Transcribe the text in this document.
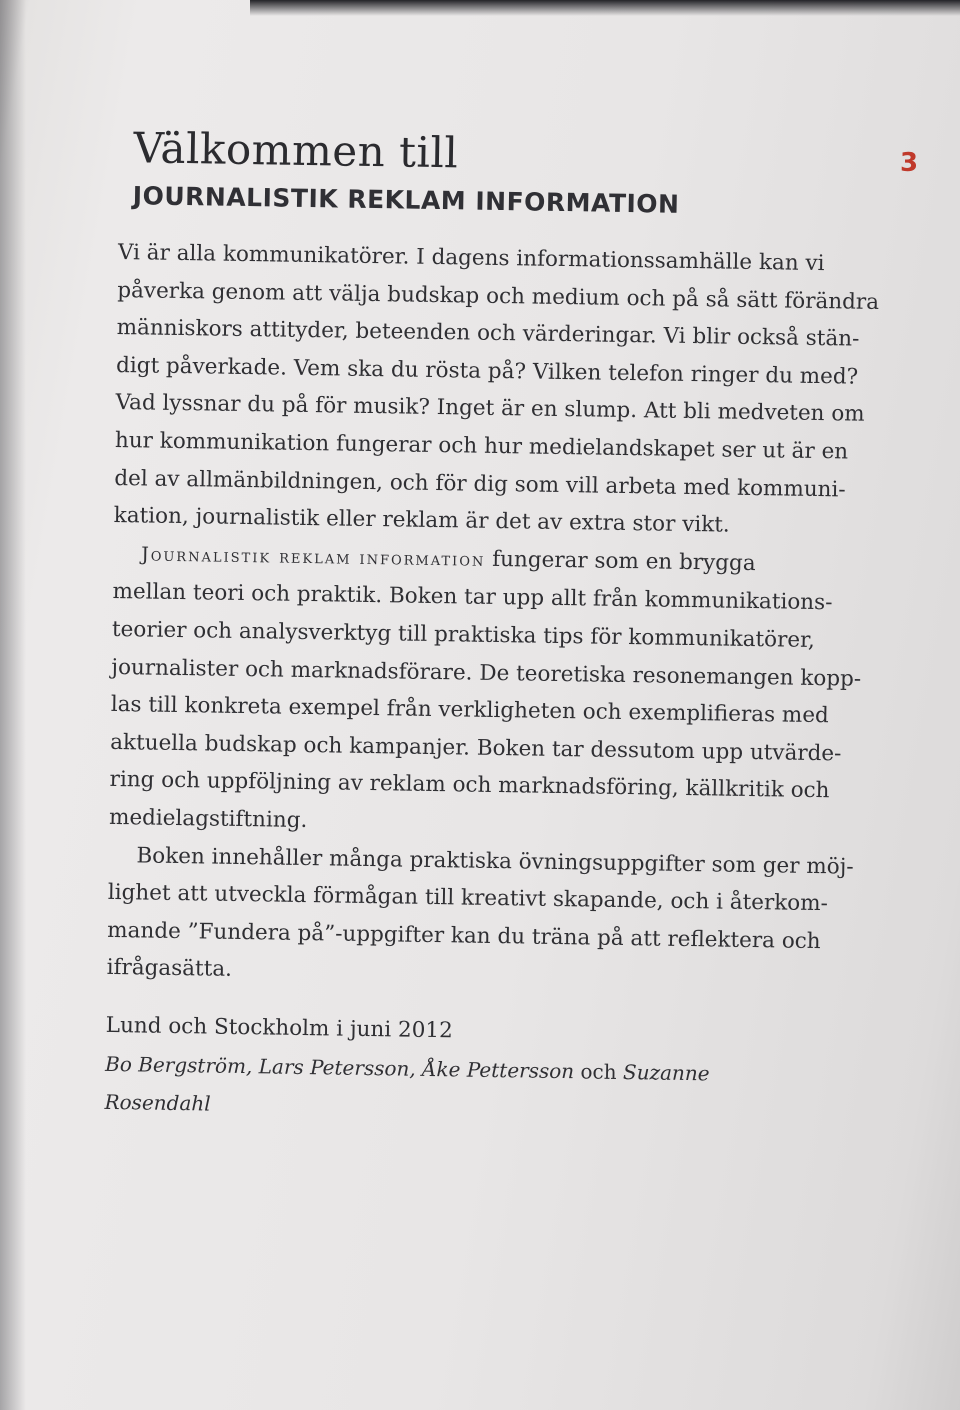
3
Välkommen till
JOURNALISTIK REKLAM INFORMATION

Vi är alla kommunikatörer. I dagens informationssamhälle kan vi
påverka genom att välja budskap och medium och på så sätt förändra
människors attityder, beteenden och värderingar. Vi blir också stän-
digt påverkade. Vem ska du rösta på? Vilken telefon ringer du med?
Vad lyssnar du på för musik? Inget är en slump. Att bli medveten om
hur kommunikation fungerar och hur medielandskapet ser ut är en
del av allmänbildningen, och för dig som vill arbeta med kommuni-
kation, journalistik eller reklam är det av extra stor vikt.

Journalistik reklam information fungerar som en brygga
mellan teori och praktik. Boken tar upp allt från kommunikations-
teorier och analysverktyg till praktiska tips för kommunikatörer,
journalister och marknadsförare. De teoretiska resonemangen kopp-
las till konkreta exempel från verkligheten och exemplifieras med
aktuella budskap och kampanjer. Boken tar dessutom upp utvärde-
ring och uppföljning av reklam och marknadsföring, källkritik och
medielagstiftning.

Boken innehåller många praktiska övningsuppgifter som ger möj-
lighet att utveckla förmågan till kreativt skapande, och i återkom-
mande ”Fundera på”-uppgifter kan du träna på att reflektera och
ifrågasätta.

Lund och Stockholm i juni 2012
Bo Bergström, Lars Petersson, Åke Pettersson och Suzanne Rosendahl
